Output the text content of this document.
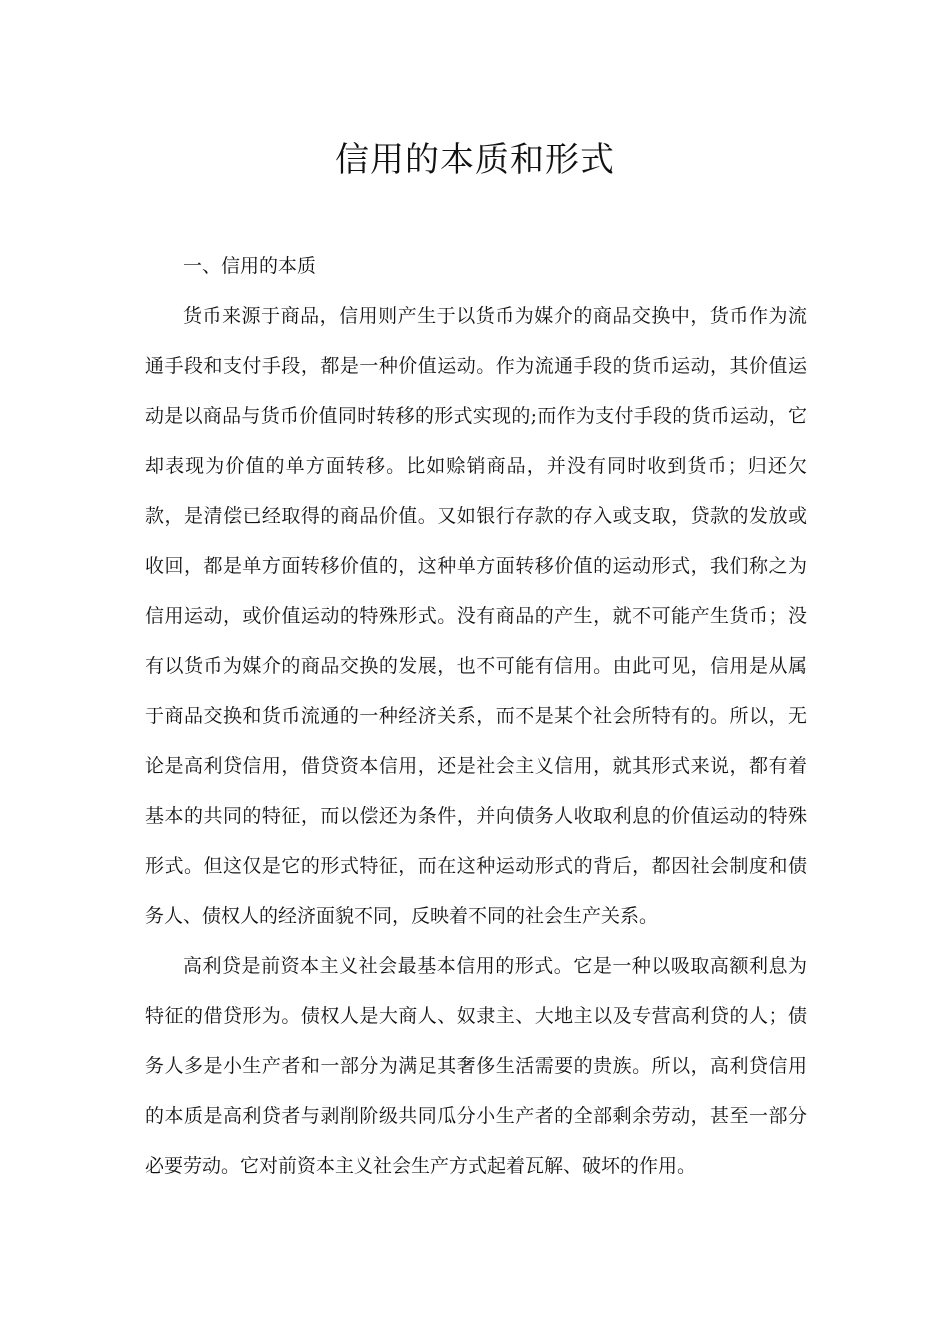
信用的本质和形式

一、信用的本质

货币来源于商品，信用则产生于以货币为媒介的商品交换中，货币作为流通手段和支付手段，都是一种价值运动。作为流通手段的货币运动，其价值运动是以商品与货币价值同时转移的形式实现的;而作为支付手段的货币运动，它却表现为价值的单方面转移。比如赊销商品，并没有同时收到货币；归还欠款，是清偿已经取得的商品价值。又如银行存款的存入或支取，贷款的发放或收回，都是单方面转移价值的，这种单方面转移价值的运动形式，我们称之为信用运动，或价值运动的特殊形式。没有商品的产生，就不可能产生货币；没有以货币为媒介的商品交换的发展，也不可能有信用。由此可见，信用是从属于商品交换和货币流通的一种经济关系，而不是某个社会所特有的。所以，无论是高利贷信用，借贷资本信用，还是社会主义信用，就其形式来说，都有着基本的共同的特征，而以偿还为条件，并向债务人收取利息的价值运动的特殊形式。但这仅是它的形式特征，而在这种运动形式的背后，都因社会制度和债务人、债权人的经济面貌不同，反映着不同的社会生产关系。

高利贷是前资本主义社会最基本信用的形式。它是一种以吸取高额利息为特征的借贷形为。债权人是大商人、奴隶主、大地主以及专营高利贷的人；债务人多是小生产者和一部分为满足其奢侈生活需要的贵族。所以，高利贷信用的本质是高利贷者与剥削阶级共同瓜分小生产者的全部剩余劳动，甚至一部分必要劳动。它对前资本主义社会生产方式起着瓦解、破坏的作用。
